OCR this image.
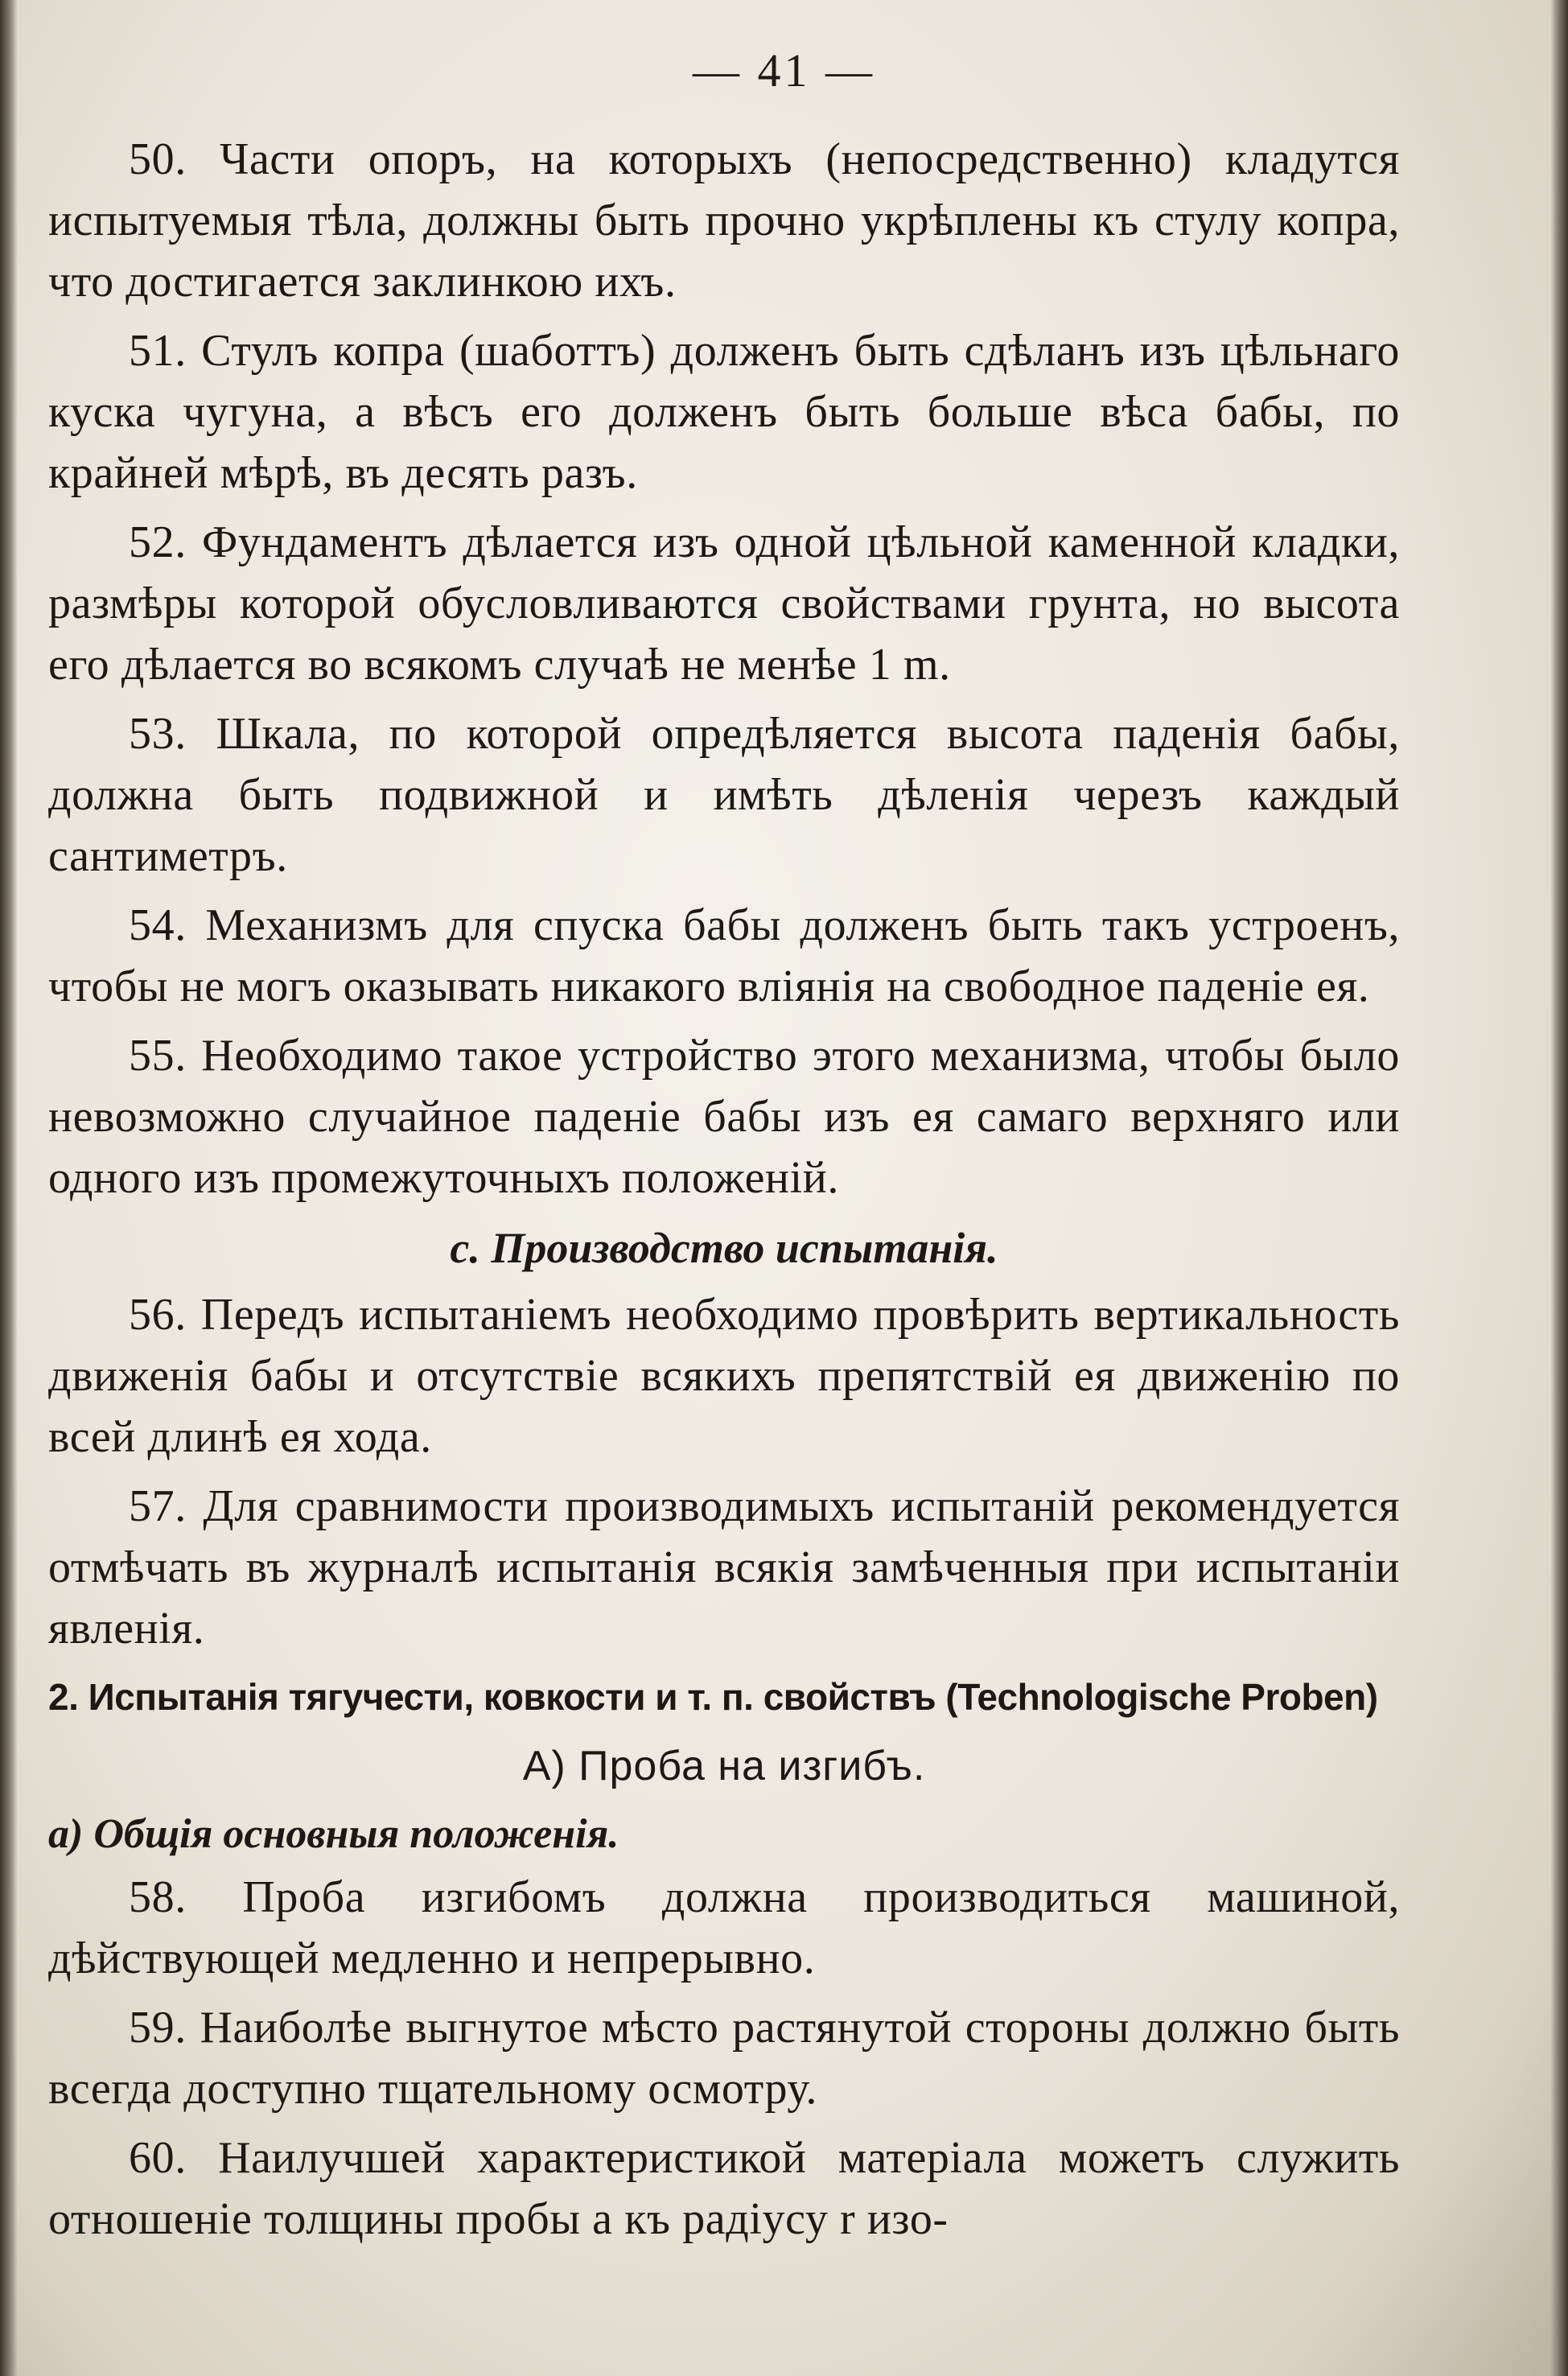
— 41 —

50. Части опоръ, на которыхъ (непосредственно) кладутся испытуемыя тѣла, должны быть прочно укрѣплены къ стулу копра, что достигается заклинкою ихъ.

51. Стулъ копра (шаботтъ) долженъ быть сдѣланъ изъ цѣльнаго куска чугуна, а вѣсъ его долженъ быть больше вѣса бабы, по крайней мѣрѣ, въ десять разъ.

52. Фундаментъ дѣлается изъ одной цѣльной каменной кладки, размѣры которой обусловливаются свойствами грунта, но высота его дѣлается во всякомъ случаѣ не менѣе 1 m.

53. Шкала, по которой опредѣляется высота паденія бабы, должна быть подвижной и имѣть дѣленія черезъ каждый сантиметръ.

54. Механизмъ для спуска бабы долженъ быть такъ устроенъ, чтобы не могъ оказывать никакого вліянія на свободное паденіе ея.

55. Необходимо такое устройство этого механизма, чтобы было невозможно случайное паденіе бабы изъ ея самаго верхняго или одного изъ промежуточныхъ положеній.

c. Производство испытанія.

56. Передъ испытаніемъ необходимо провѣрить вертикальность движенія бабы и отсутствіе всякихъ препятствій ея движенію по всей длинѣ ея хода.

57. Для сравнимости производимыхъ испытаній рекомендуется отмѣчать въ журналѣ испытанія всякія замѣченныя при испытаніи явленія.

2. Испытанія тягучести, ковкости и т. п. свойствъ (Technologische Proben)
A) Проба на изгибъ.
a) Общія основныя положенія.

58. Проба изгибомъ должна производиться машиной, дѣйствующей медленно и непрерывно.

59. Наиболѣе выгнутое мѣсто растянутой стороны должно быть всегда доступно тщательному осмотру.

60. Наилучшей характеристикой матеріала можетъ служить отношеніе толщины пробы a къ радіусу r изо-
